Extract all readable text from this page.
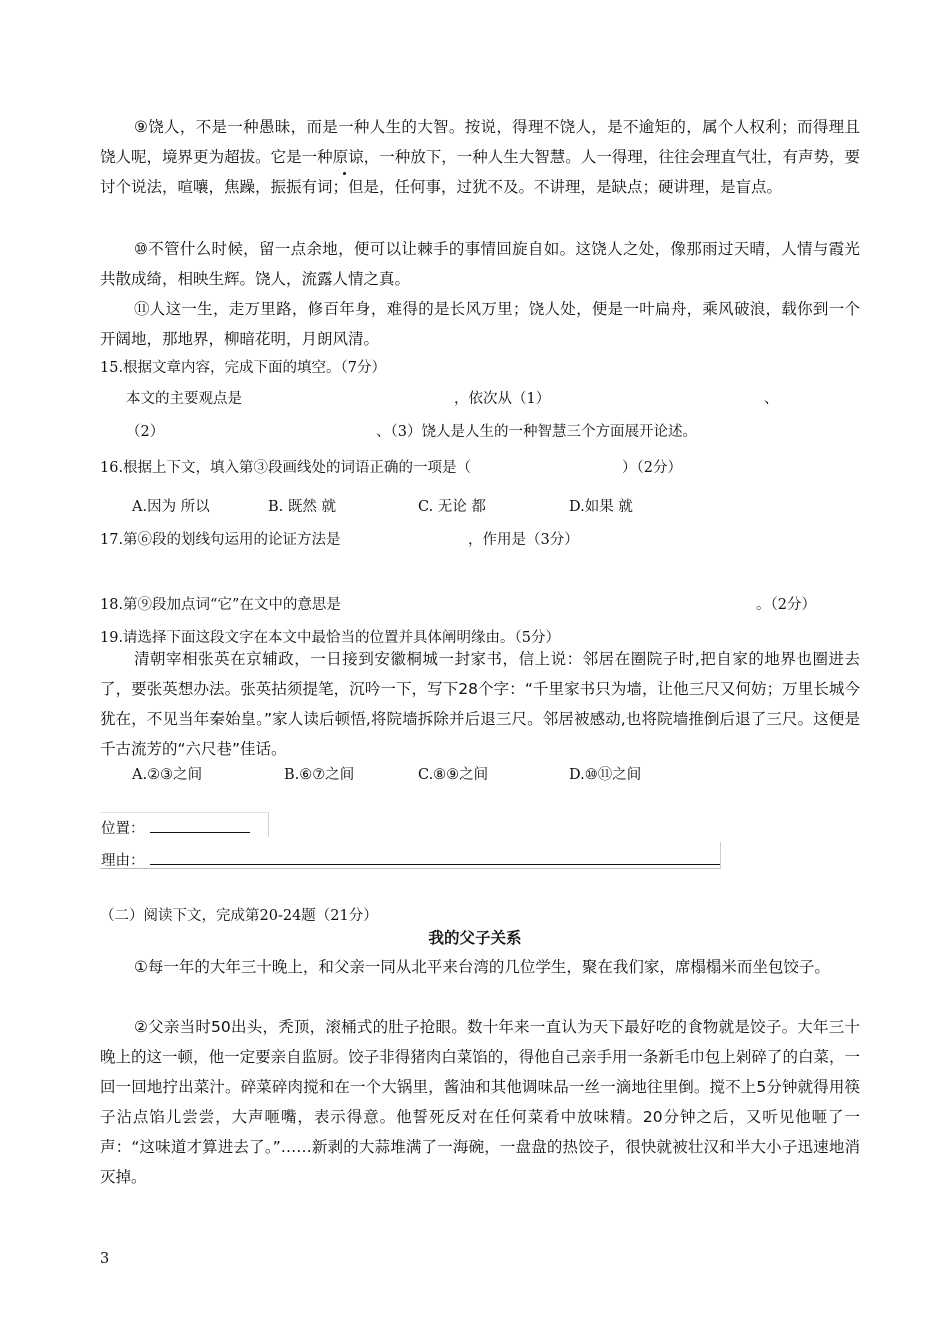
⑨饶人，不是一种愚昧，而是一种人生的大智。按说，得理不饶人，是不逾矩的，属个人权利；而得理且饶人呢，境界更为超拔。它是一种原谅，一种放下，一种人生大智慧。人一得理，往往会理直气壮，有声势，要讨个说法，喧嚷，焦躁，振振有词；但是，任何事，过犹不及。不讲理，是缺点；硬讲理，是盲点。

⑩不管什么时候，留一点余地，便可以让棘手的事情回旋自如。这饶人之处，像那雨过天晴，人情与霞光共散成绮，相映生辉。饶人，流露人情之真。

⑪人这一生，走万里路，修百年身，难得的是长风万里；饶人处，便是一叶扁舟，乘风破浪，载你到一个开阔地，那地界，柳暗花明，月朗风清。

15.根据文章内容，完成下面的填空。（7分）

本文的主要观点是	，依次从（1）	、

（2）	、（3）饶人是人生的一种智慧三个方面展开论述。

16.根据上下文，填入第③段画线处的词语正确的一项是（	）（2分）

A.因为 所以	B. 既然 就	C. 无论 都	D.如果 就

17.第⑥段的划线句运用的论证方法是	，作用是（3分）

18.第⑨段加点词“它”在文中的意思是	。（2分）

19.请选择下面这段文字在本文中最恰当的位置并具体阐明缘由。（5分）

清朝宰相张英在京辅政，一日接到安徽桐城一封家书，信上说：邻居在圈院子时,把自家的地界也圈进去了，要张英想办法。张英拈须提笔，沉吟一下，写下28个字：“千里家书只为墙，让他三尺又何妨；万里长城今犹在，不见当年秦始皇。”家人读后顿悟,将院墙拆除并后退三尺。邻居被感动,也将院墙推倒后退了三尺。这便是千古流芳的“六尺巷”佳话。

A.②③之间	B.⑥⑦之间	C.⑧⑨之间	D.⑩⑪之间

位置：

理由：

（二）阅读下文，完成第20-24题（21分）

我的父子关系

①每一年的大年三十晚上，和父亲一同从北平来台湾的几位学生，聚在我们家，席榻榻米而坐包饺子。

②父亲当时50出头，秃顶，滚桶式的肚子抢眼。数十年来一直认为天下最好吃的食物就是饺子。大年三十晚上的这一顿，他一定要亲自监厨。饺子非得猪肉白菜馅的，得他自己亲手用一条新毛巾包上剁碎了的白菜，一回一回地拧出菜汁。碎菜碎肉搅和在一个大锅里，酱油和其他调味品一丝一滴地往里倒。搅不上5分钟就得用筷子沾点馅儿尝尝，大声咂嘴，表示得意。他誓死反对在任何菜肴中放味精。20分钟之后，又听见他咂了一声：“这味道才算进去了。”……新剥的大蒜堆满了一海碗，一盘盘的热饺子，很快就被壮汉和半大小子迅速地消灭掉。

3
